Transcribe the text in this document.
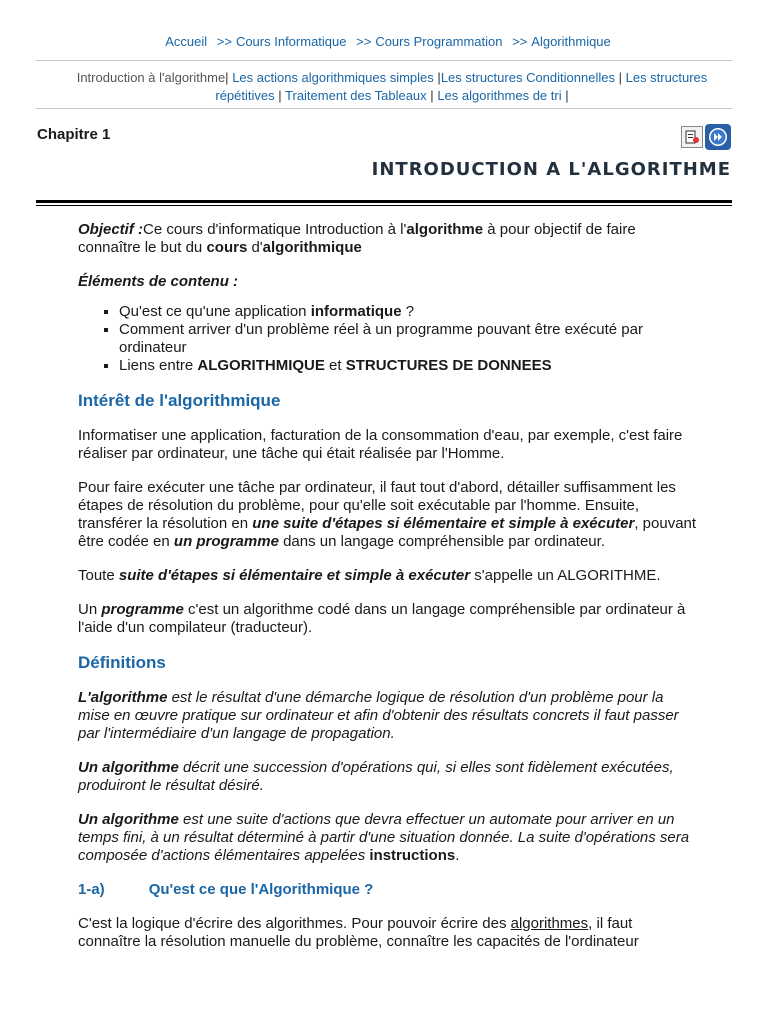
Accueil >> Cours Informatique >> Cours Programmation >> Algorithmique
Introduction à l'algorithme| Les actions algorithmiques simples |Les structures Conditionnelles | Les structures répétitives | Traitement des Tableaux | Les algorithmes de tri |
Chapitre 1
INTRODUCTION A L'ALGORITHME

Objectif :Ce cours d'informatique Introduction à l'algorithme à pour objectif de faire connaître le but du cours d'algorithmique

Éléments de contenu :

▪ Qu'est ce qu'une application informatique ?
▪ Comment arriver d'un problème réel à un programme pouvant être exécuté par ordinateur
▪ Liens entre ALGORITHMIQUE et STRUCTURES DE DONNEES
Intérêt de l'algorithmique

Informatiser une application, facturation de la consommation d'eau, par exemple, c'est faire réaliser par ordinateur, une tâche qui était réalisée par l'Homme.

Pour faire exécuter une tâche par ordinateur, il faut tout d'abord, détailler suffisamment les étapes de résolution du problème, pour qu'elle soit exécutable par l'homme. Ensuite, transférer la résolution en une suite d'étapes si élémentaire et simple à exécuter, pouvant être codée en un programme dans un langage compréhensible par ordinateur.

Toute suite d'étapes si élémentaire et simple à exécuter s'appelle un ALGORITHME.

Un programme c'est un algorithme codé dans un langage compréhensible par ordinateur à l'aide d'un compilateur (traducteur).

Définitions

L'algorithme est le résultat d'une démarche logique de résolution d'un problème pour la mise en œuvre pratique sur ordinateur et afin d'obtenir des résultats concrets il faut passer par l'intermédiaire d'un langage de propagation.

Un algorithme décrit une succession d'opérations qui, si elles sont fidèlement exécutées, produiront le résultat désiré.

Un algorithme est une suite d'actions que devra effectuer un automate pour arriver en un temps fini, à un résultat déterminé à partir d'une situation donnée. La suite d'opérations sera composée d'actions élémentaires appelées instructions.

1-a)	Qu'est ce que l'Algorithmique ?

C'est la logique d'écrire des algorithmes. Pour pouvoir écrire des algorithmes, il faut connaître la résolution manuelle du problème, connaître les capacités de l'ordinateur
